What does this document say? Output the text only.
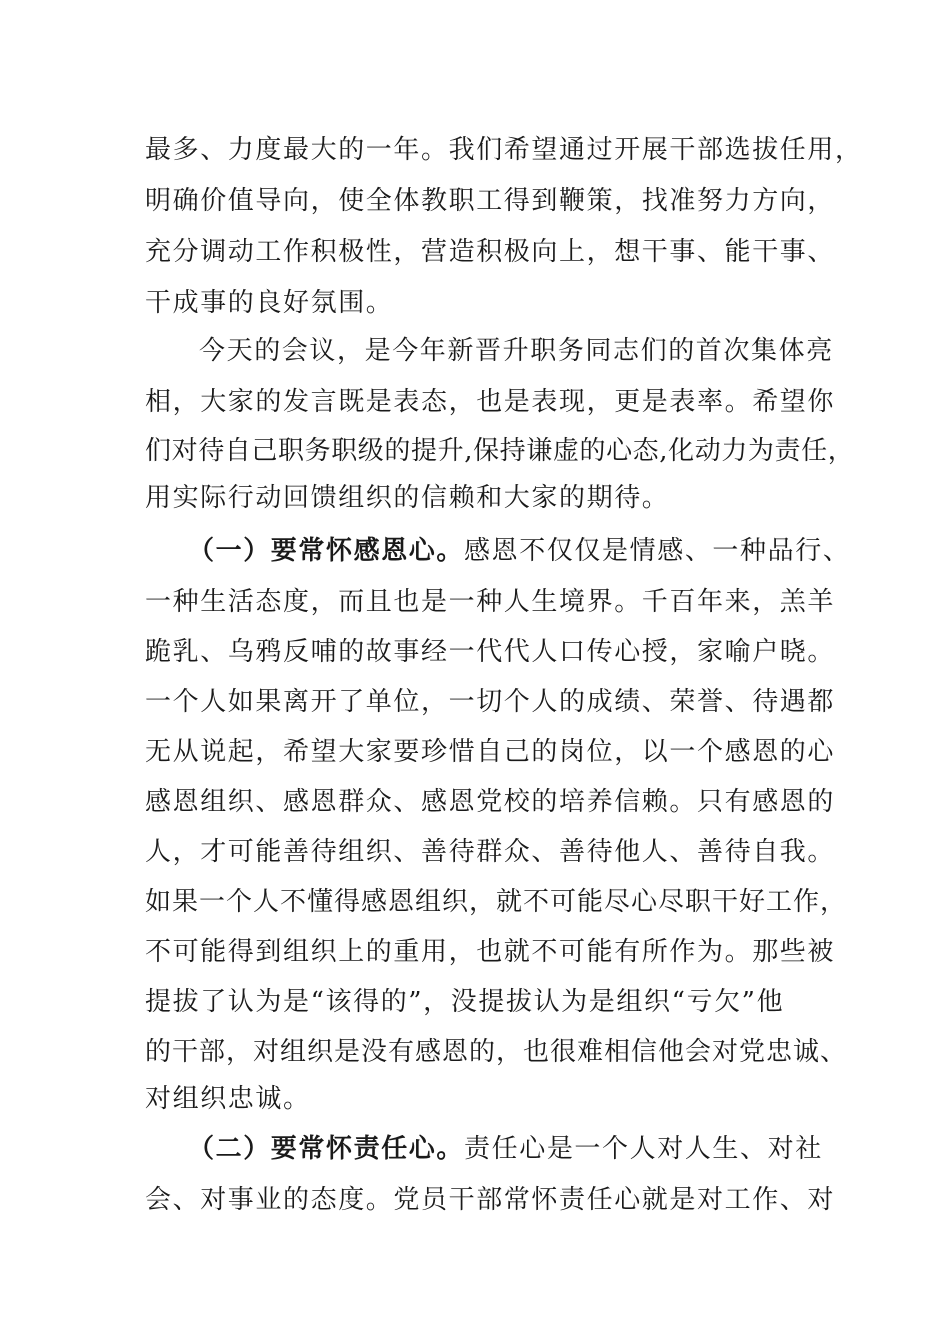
最多、力度最大的一年。我们希望通过开展干部选拔任用，
明确价值导向，使全体教职工得到鞭策，找准努力方向，
充分调动工作积极性，营造积极向上，想干事、能干事、
干成事的良好氛围。
今天的会议，是今年新晋升职务同志们的首次集体亮
相，大家的发言既是表态，也是表现，更是表率。希望你
们对待自己职务职级的提升,保持谦虚的心态,化动力为责任，
用实际行动回馈组织的信赖和大家的期待。
（一）要常怀感恩心。感恩不仅仅是情感、一种品行、
一种生活态度，而且也是一种人生境界。千百年来，羔羊
跪乳、乌鸦反哺的故事经一代代人口传心授，家喻户晓。
一个人如果离开了单位，一切个人的成绩、荣誉、待遇都
无从说起，希望大家要珍惜自己的岗位，以一个感恩的心
感恩组织、感恩群众、感恩党校的培养信赖。只有感恩的
人，才可能善待组织、善待群众、善待他人、善待自我。
如果一个人不懂得感恩组织，就不可能尽心尽职干好工作，
不可能得到组织上的重用，也就不可能有所作为。那些被
提拔了认为是“该得的”，没提拔认为是组织“亏欠”他
的干部，对组织是没有感恩的，也很难相信他会对党忠诚、
对组织忠诚。
（二）要常怀责任心。责任心是一个人对人生、对社
会、对事业的态度。党员干部常怀责任心就是对工作、对
